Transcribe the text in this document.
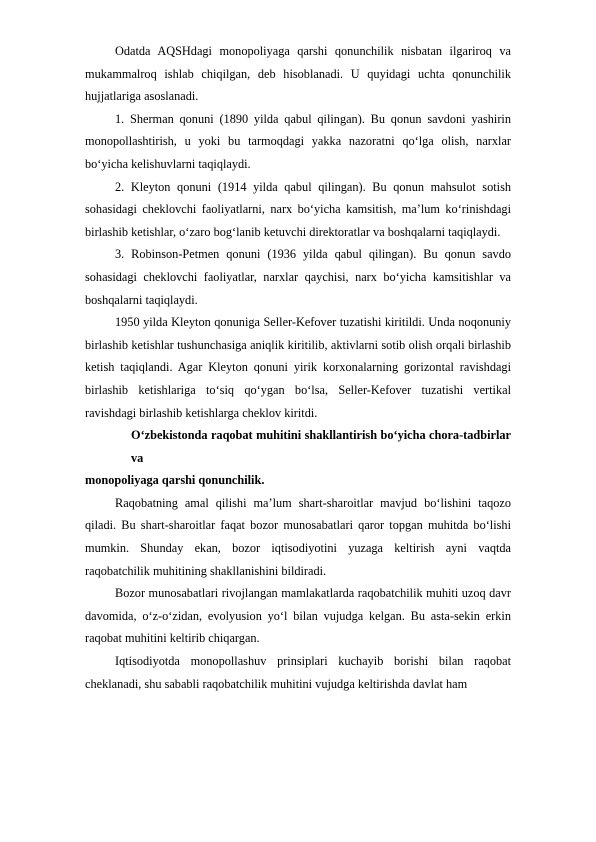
Odatda AQSHdagi monopoliyaga qarshi qonunchilik nisbatan ilgariroq va mukammalroq ishlab chiqilgan, deb hisoblanadi. U quyidagi uchta qonunchilik hujjatlariga asoslanadi.

1. Sherman qonuni (1890 yilda qabul qilingan). Bu qonun savdoni yashirin monopollashtirish, u yoki bu tarmoqdagi yakka nazoratni qo‘lga olish, narxlar bo‘yicha kelishuvlarni taqiqlaydi.

2. Kleyton qonuni (1914 yilda qabul qilingan). Bu qonun mahsulot sotish sohasidagi cheklovchi faoliyatlarni, narx bo‘yicha kamsitish, ma’lum ko‘rinishdagi birlashib ketishlar, o‘zaro bog‘lanib ketuvchi direktoratlar va boshqalarni taqiqlaydi.

3. Robinson-Petmen qonuni (1936 yilda qabul qilingan). Bu qonun savdo sohasidagi cheklovchi faoliyatlar, narxlar qaychisi, narx bo‘yicha kamsitishlar va boshqalarni taqiqlaydi.

1950 yilda Kleyton qonuniga Seller-Kefover tuzatishi kiritildi. Unda noqonuniy birlashib ketishlar tushunchasiga aniqlik kiritilib, aktivlarni sotib olish orqali birlashib ketish taqiqlandi. Agar Kleyton qonuni yirik korxonalarning gorizontal ravishdagi birlashib ketishlariga to‘siq qo‘ygan bo‘lsa, Seller-Kefover tuzatishi vertikal ravishdagi birlashib ketishlarga cheklov kiritdi.

O‘zbekistonda raqobat muhitini shakllantirish bo‘yicha chora-tadbirlar va

monopoliyaga qarshi qonunchilik.

Raqobatning amal qilishi ma’lum shart-sharoitlar mavjud bo‘lishini taqozo qiladi. Bu shart-sharoitlar faqat bozor munosabatlari qaror topgan muhitda bo‘lishi mumkin. Shunday ekan, bozor iqtisodiyotini yuzaga keltirish ayni vaqtda raqobatchilik muhitining shakllanishini bildiradi.

Bozor munosabatlari rivojlangan mamlakatlarda raqobatchilik muhiti uzoq davr davomida, o‘z-o‘zidan, evolyusion yo‘l bilan vujudga kelgan. Bu asta-sekin erkin raqobat muhitini keltirib chiqargan.

Iqtisodiyotda monopollashuv prinsiplari kuchayib borishi bilan raqobat cheklanadi, shu sababli raqobatchilik muhitini vujudga keltirishda davlat ham
